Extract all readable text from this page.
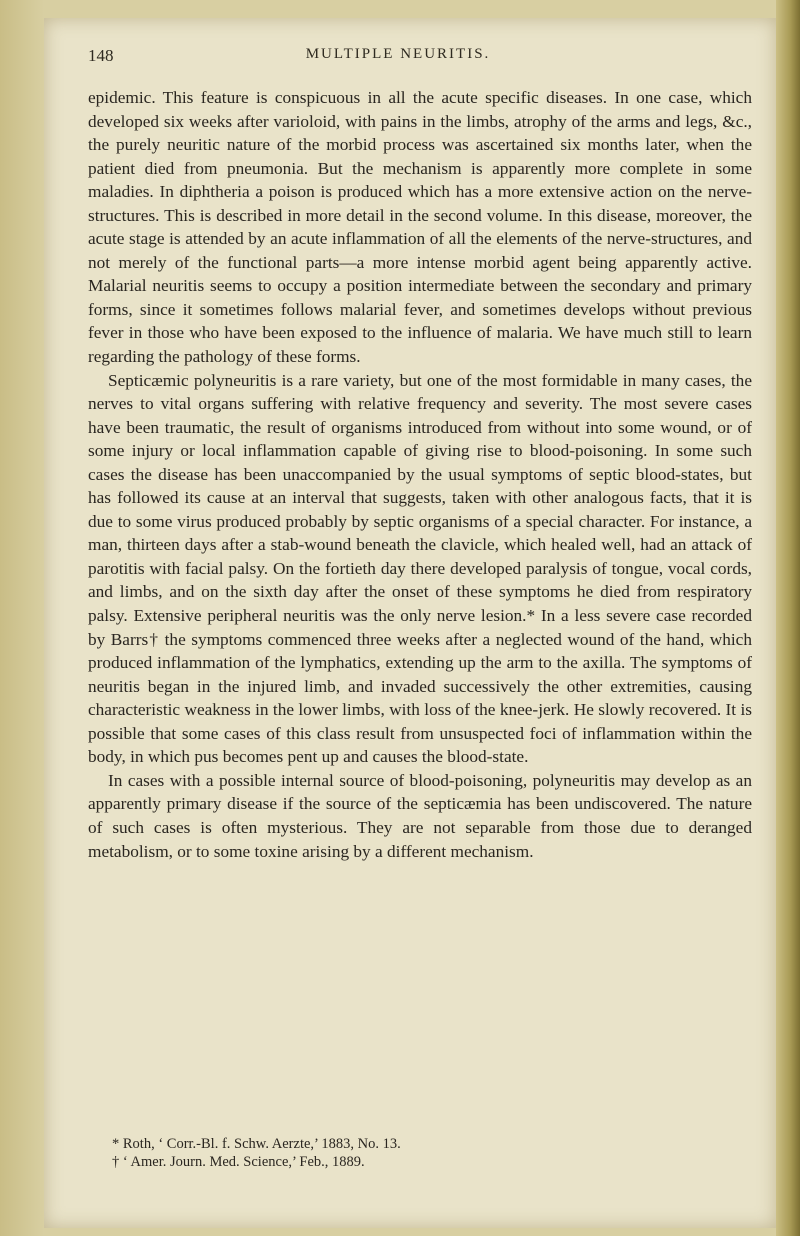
148	MULTIPLE NEURITIS.

epidemic. This feature is conspicuous in all the acute specific diseases. In one case, which developed six weeks after varioloid, with pains in the limbs, atrophy of the arms and legs, &c., the purely neuritic nature of the morbid process was ascertained six months later, when the patient died from pneumonia. But the mechanism is apparently more complete in some maladies. In diphtheria a poison is produced which has a more extensive action on the nerve-structures. This is described in more detail in the second volume. In this disease, moreover, the acute stage is attended by an acute inflammation of all the elements of the nerve-structures, and not merely of the functional parts—a more intense morbid agent being apparently active. Malarial neuritis seems to occupy a position intermediate between the secondary and primary forms, since it sometimes follows malarial fever, and sometimes develops without previous fever in those who have been exposed to the influence of malaria. We have much still to learn regarding the pathology of these forms.

Septicæmic polyneuritis is a rare variety, but one of the most formidable in many cases, the nerves to vital organs suffering with relative frequency and severity. The most severe cases have been traumatic, the result of organisms introduced from without into some wound, or of some injury or local inflammation capable of giving rise to blood-poisoning. In some such cases the disease has been unaccompanied by the usual symptoms of septic blood-states, but has followed its cause at an interval that suggests, taken with other analogous facts, that it is due to some virus produced probably by septic organisms of a special character. For instance, a man, thirteen days after a stab-wound beneath the clavicle, which healed well, had an attack of parotitis with facial palsy. On the fortieth day there developed paralysis of tongue, vocal cords, and limbs, and on the sixth day after the onset of these symptoms he died from respiratory palsy. Extensive peripheral neuritis was the only nerve lesion.* In a less severe case recorded by Barrs† the symptoms commenced three weeks after a neglected wound of the hand, which produced inflammation of the lymphatics, extending up the arm to the axilla. The symptoms of neuritis began in the injured limb, and invaded successively the other extremities, causing characteristic weakness in the lower limbs, with loss of the knee-jerk. He slowly recovered. It is possible that some cases of this class result from unsuspected foci of inflammation within the body, in which pus becomes pent up and causes the blood-state.

In cases with a possible internal source of blood-poisoning, polyneuritis may develop as an apparently primary disease if the source of the septicæmia has been undiscovered. The nature of such cases is often mysterious. They are not separable from those due to deranged metabolism, or to some toxine arising by a different mechanism.

* Roth, ‘ Corr.-Bl. f. Schw. Aerzte,’ 1883, No. 13.
† ‘ Amer. Journ. Med. Science,’ Feb., 1889.
